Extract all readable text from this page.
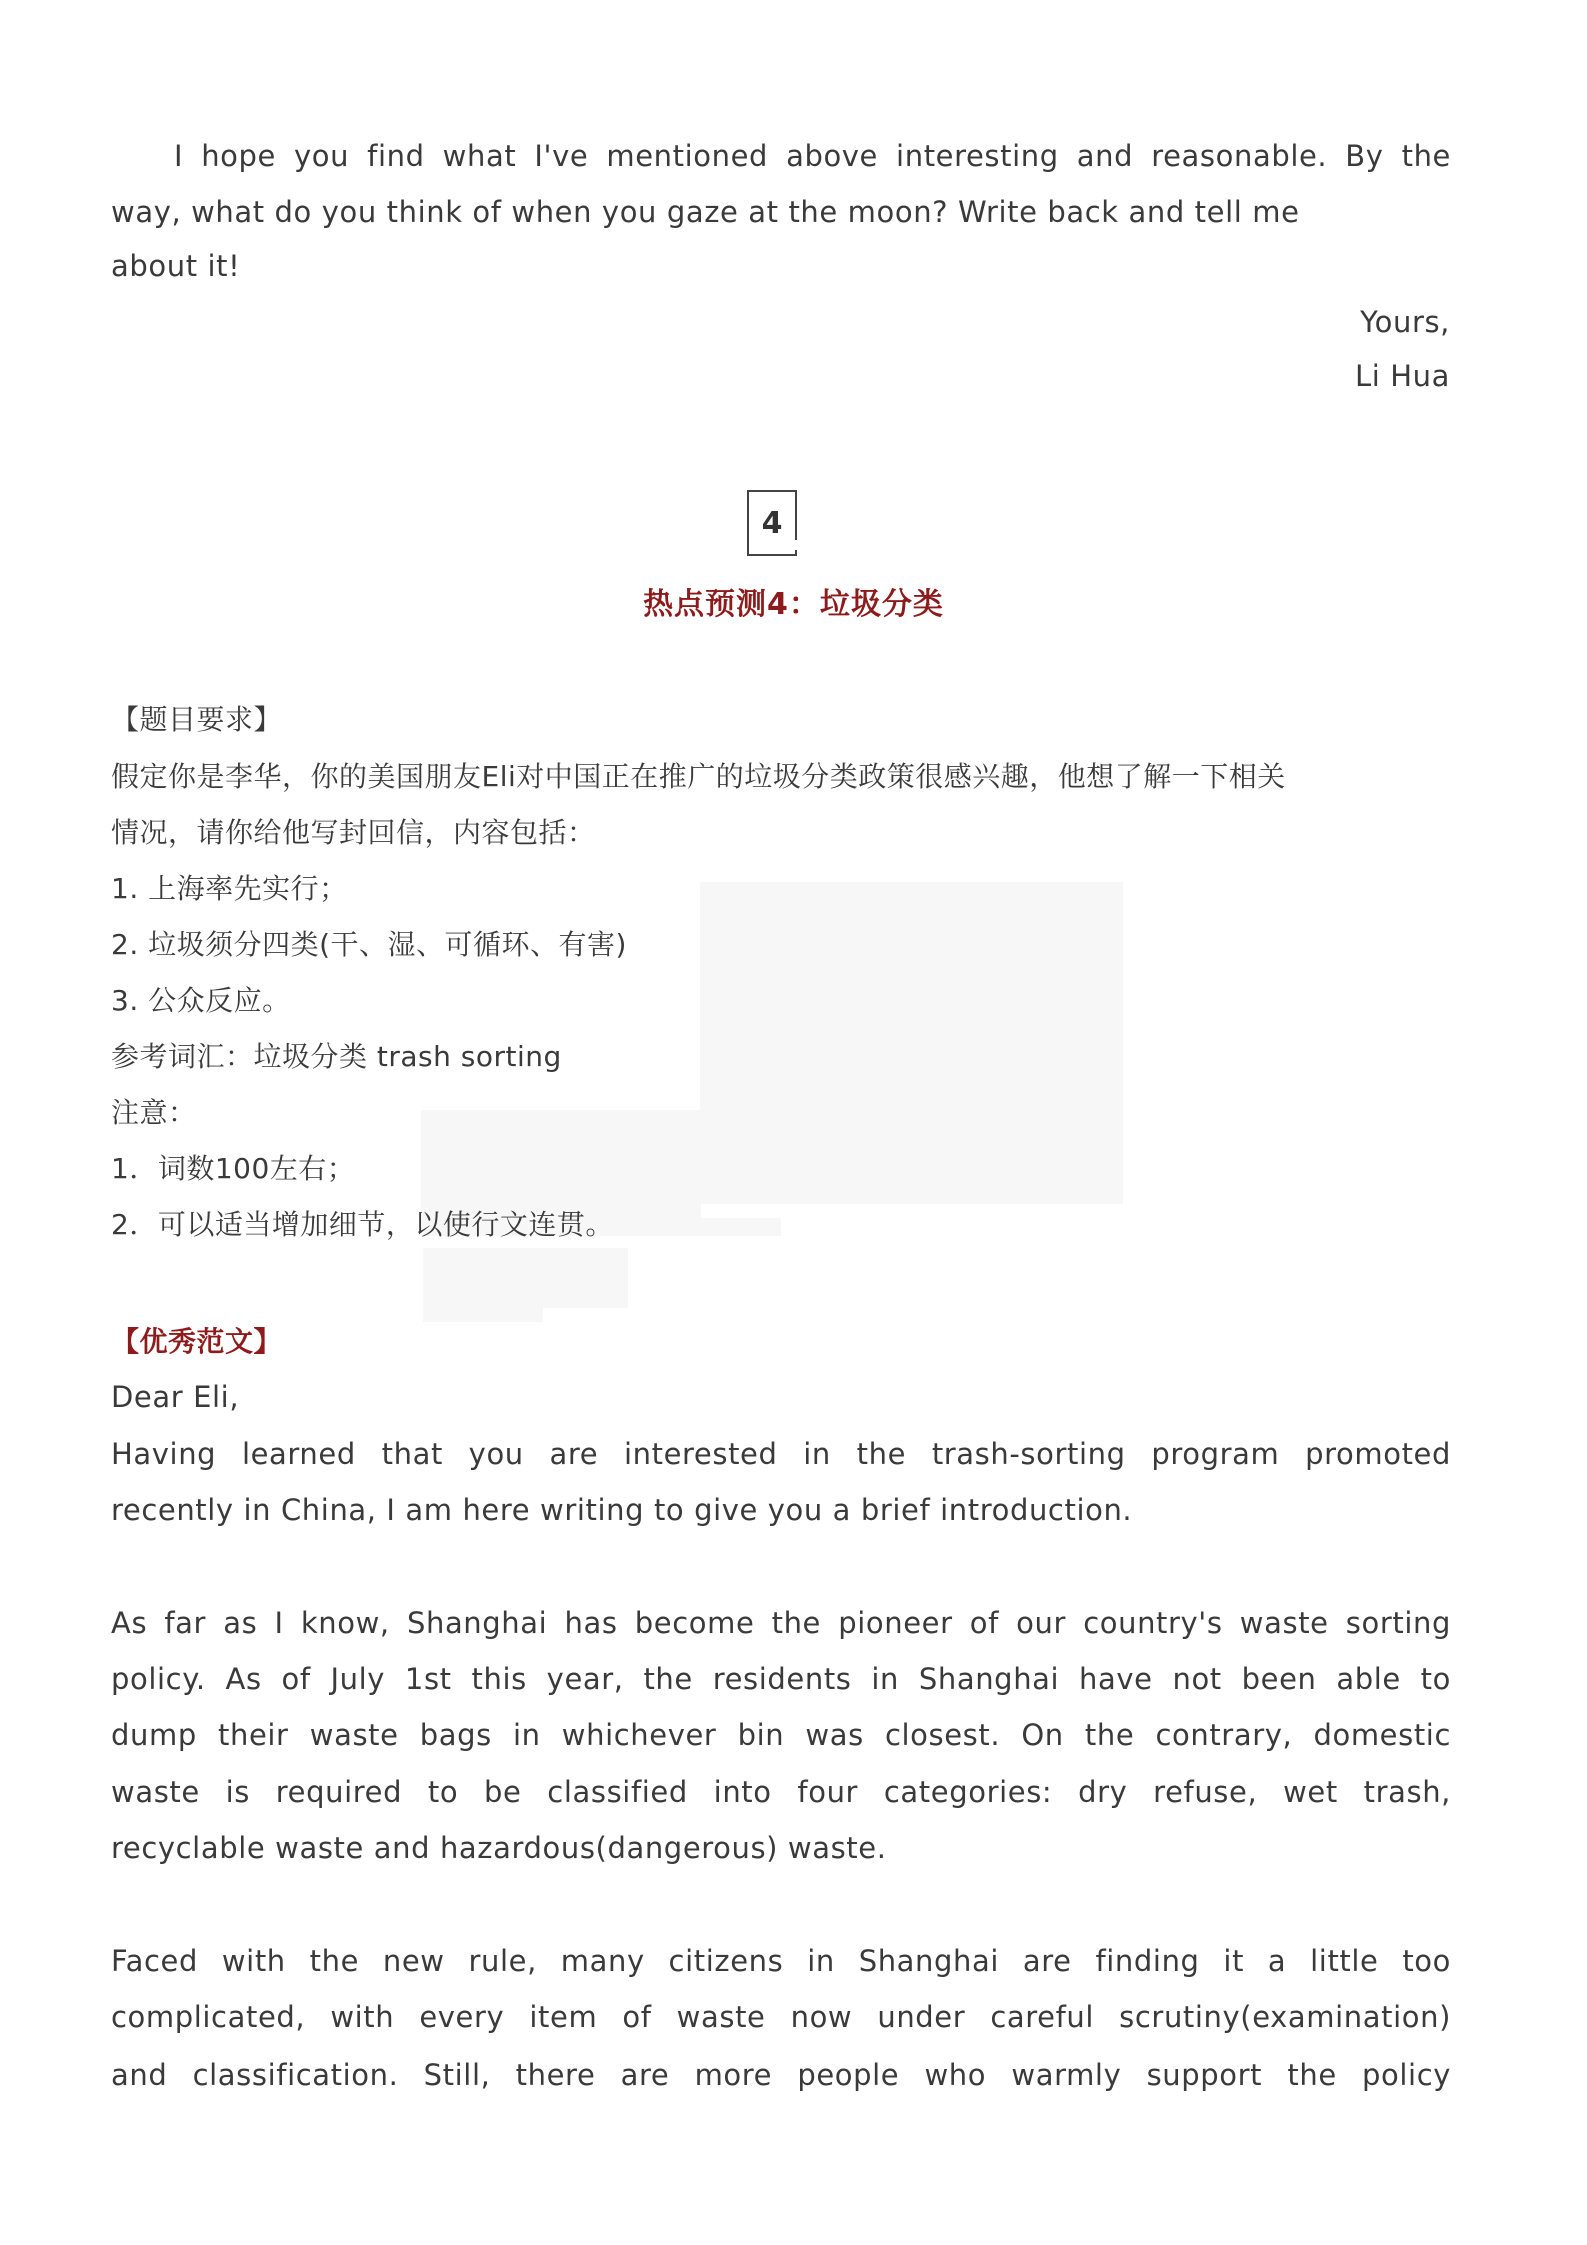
I hope you find what I've mentioned above interesting and reasonable. By the
way, what do you think of when you gaze at the moon? Write back and tell me
about it!
Yours,
Li Hua
4
热点预测4：垃圾分类
【题目要求】
假定你是李华，你的美国朋友Eli对中国正在推广的垃圾分类政策很感兴趣，他想了解一下相关
情况，请你给他写封回信，内容包括：
1. 上海率先实行；
2. 垃圾须分四类(干、湿、可循环、有害)
3. 公众反应。
参考词汇：垃圾分类 trash sorting
注意：
1．词数100左右；
2．可以适当增加细节，以使行文连贯。
【优秀范文】
Dear Eli,
Having learned that you are interested in the trash-sorting program promoted
recently in China, I am here writing to give you a brief introduction.
As far as I know, Shanghai has become the pioneer of our country's waste sorting
policy. As of July 1st this year, the residents in Shanghai have not been able to
dump their waste bags in whichever bin was closest. On the contrary, domestic
waste is required to be classified into four categories: dry refuse, wet trash,
recyclable waste and hazardous(dangerous) waste.
Faced with the new rule, many citizens in Shanghai are finding it a little too
complicated, with every item of waste now under careful scrutiny(examination)
and classification. Still, there are more people who warmly support the policy
